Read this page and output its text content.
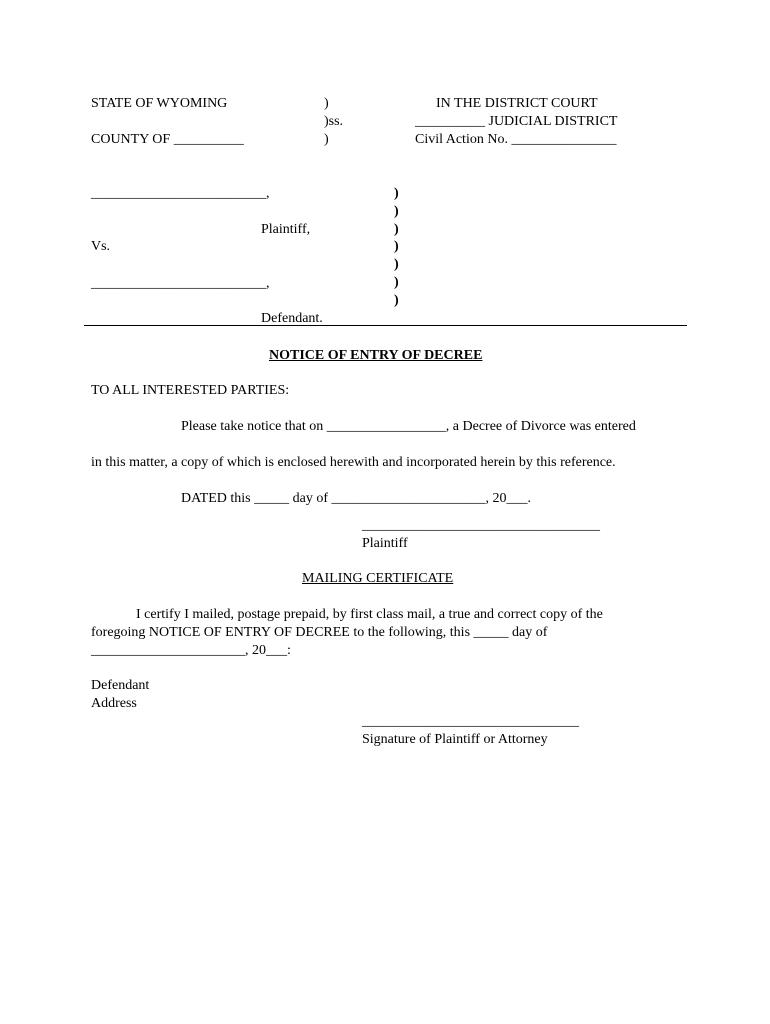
STATE OF WYOMING
COUNTY OF __________
)
)ss.
)
IN THE DISTRICT COURT
__________ JUDICIAL DISTRICT
Civil Action No. _______________
_________________________,
Plaintiff,
Vs.
_________________________,
Defendant.
)
)
)
)
)
)
)
NOTICE OF ENTRY OF DECREE
TO ALL INTERESTED PARTIES:
Please take notice that on _________________, a Decree of Divorce was entered
in this matter, a copy of which is enclosed herewith and incorporated herein by this reference.
DATED this _____ day of ______________________, 20___.
__________________________________
Plaintiff
MAILING CERTIFICATE
I certify I mailed, postage prepaid, by first class mail, a true and correct copy of the
foregoing NOTICE OF ENTRY OF DECREE to the following, this _____ day of
______________________, 20___:
Defendant
Address
_______________________________
Signature of Plaintiff or Attorney
